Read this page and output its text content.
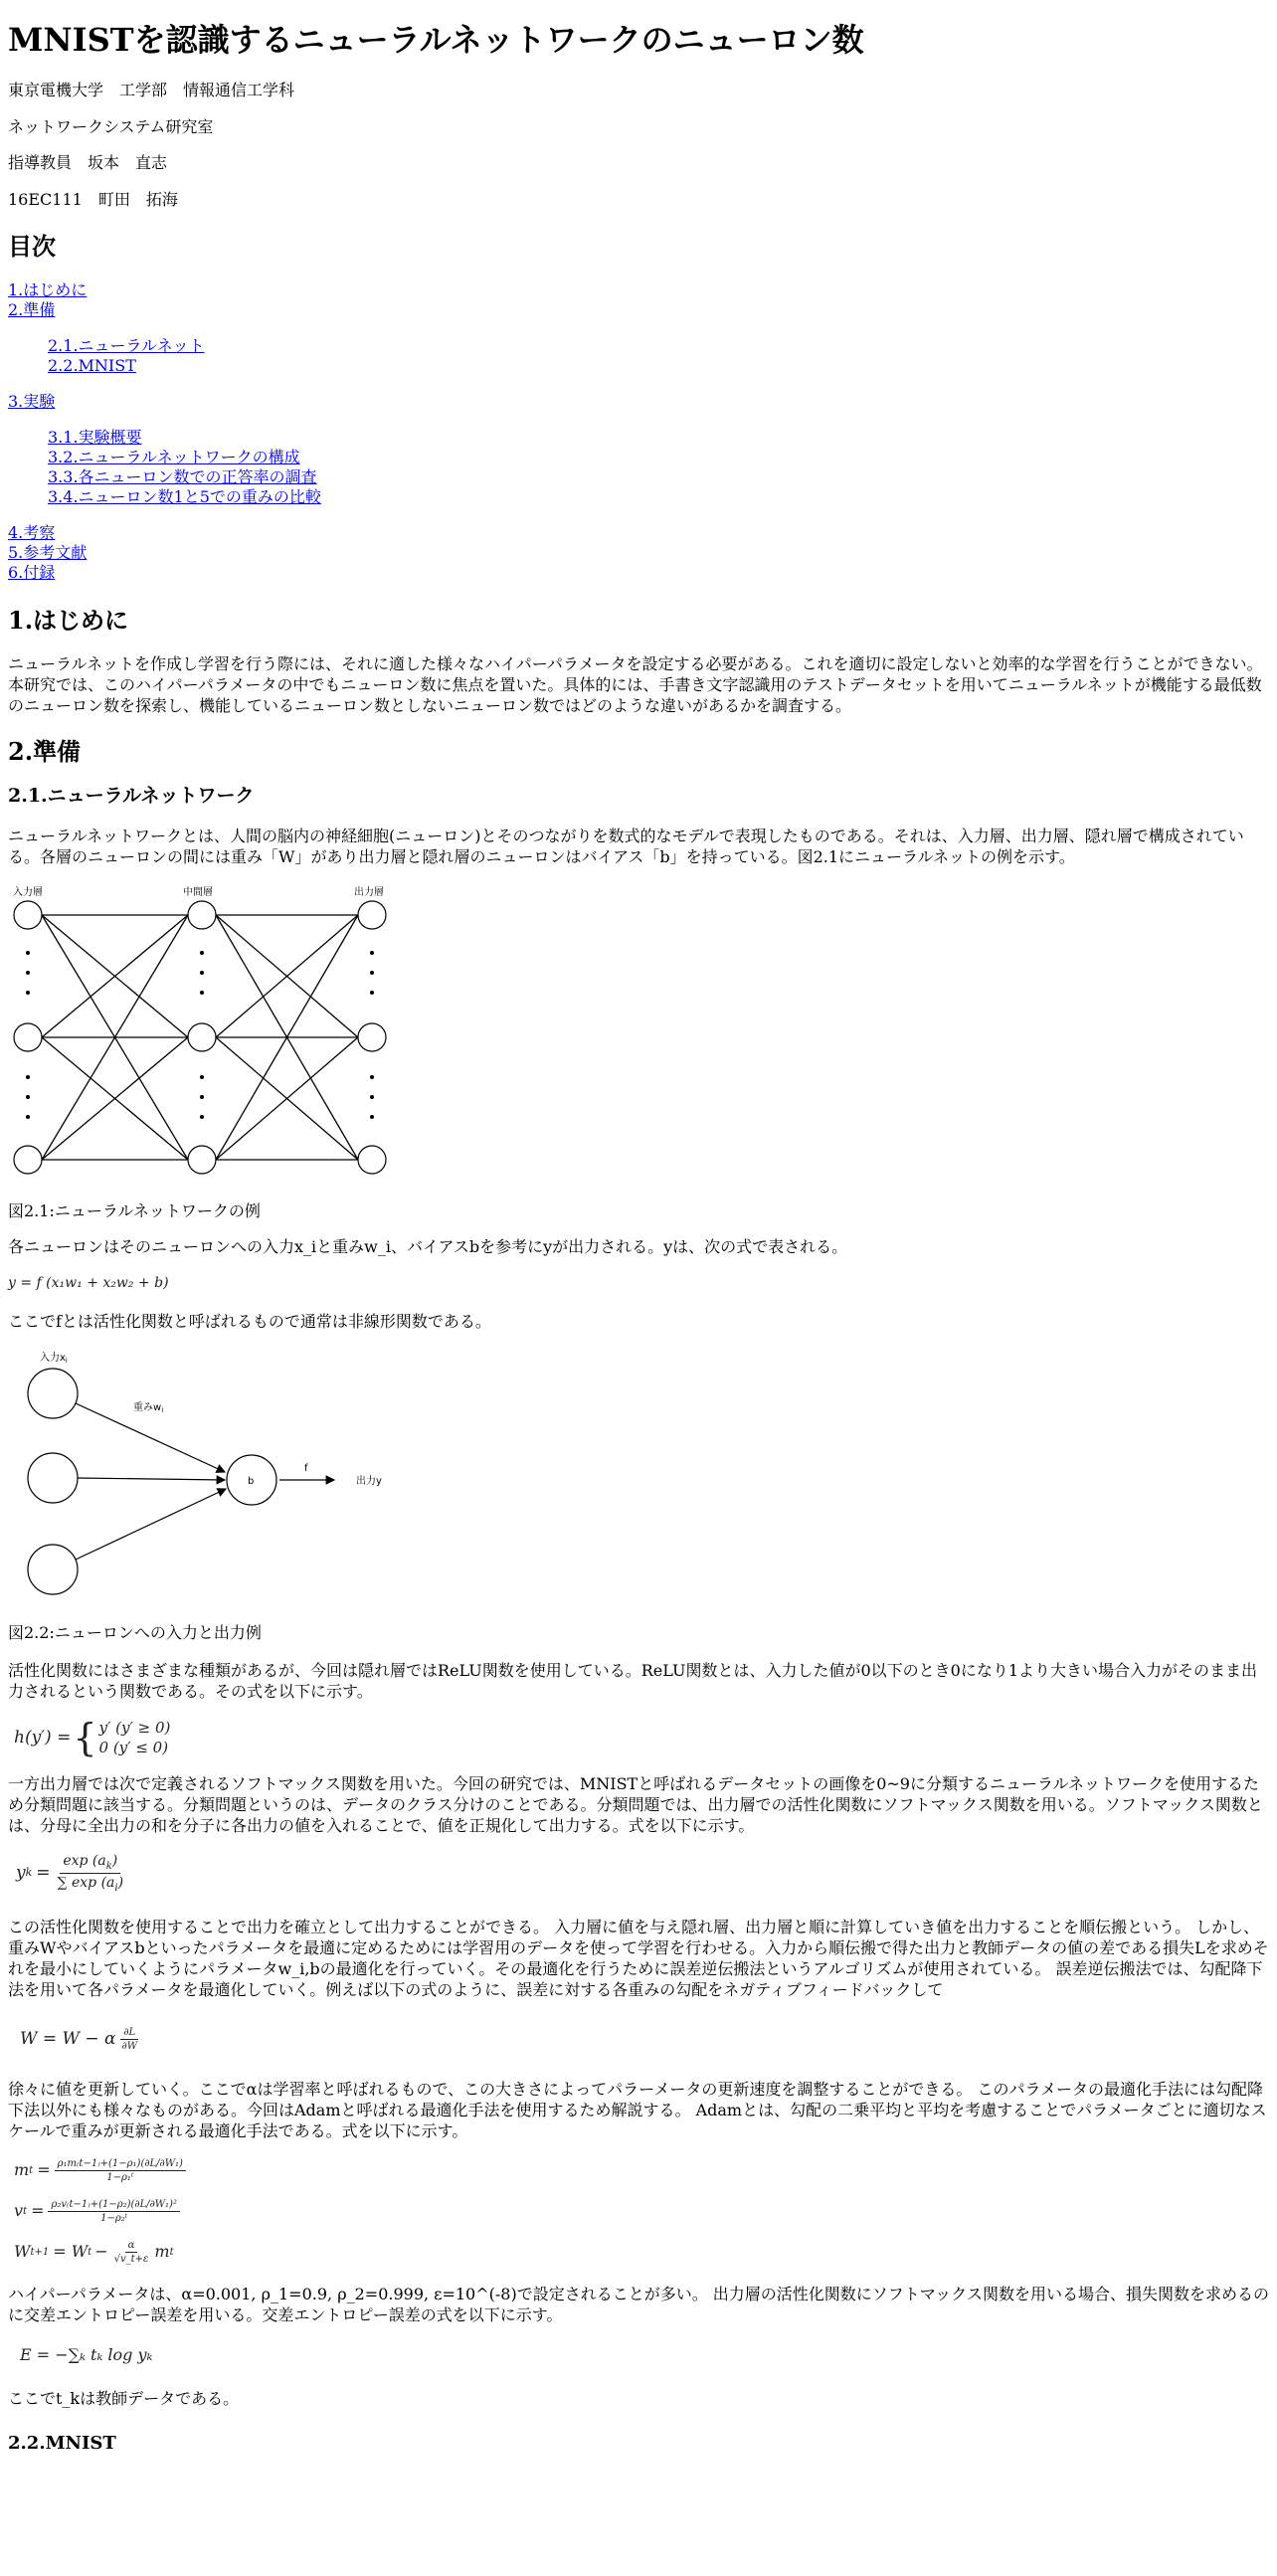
MNISTを認識するニューラルネットワークのニューロン数

東京電機大学　工学部　情報通信工学科

ネットワークシステム研究室

指導教員　坂本　直志

16EC111　町田　拓海

目次
1.はじめに
2.準備
2.1.ニューラルネット
2.2.MNIST
3.実験
3.1.実験概要
3.2.ニューラルネットワークの構成
3.3.各ニューロン数での正答率の調査
3.4.ニューロン数1と5での重みの比較
4.考察
5.参考文献
6.付録
1.はじめに

ニューラルネットを作成し学習を行う際には、それに適した様々なハイパーパラメータを設定する必要がある。これを適切に設定しないと効率的な学習を行うことができない。本研究では、このハイパーパラメータの中でもニューロン数に焦点を置いた。具体的には、手書き文字認識用のテストデータセットを用いてニューラルネットが機能する最低数のニューロン数を探索し、機能しているニューロン数としないニューロン数ではどのような違いがあるかを調査する。

2.準備
2.1.ニューラルネットワーク

ニューラルネットワークとは、人間の脳内の神経細胞(ニューロン)とそのつながりを数式的なモデルで表現したものである。それは、入力層、出力層、隠れ層で構成されている。各層のニューロンの間には重み「W」があり出力層と隠れ層のニューロンはバイアス「b」を持っている。図2.1にニューラルネットの例を示す。

入力層	中間層	出力層

図2.1:ニューラルネットワークの例

各ニューロンはそのニューロンへの入力x_iと重みw_i、バイアスbを参考にyが出力される。yは、次の式で表される。

y = f (x₁w₁ + x₂w₂ + b)

ここでfとは活性化関数と呼ばれるもので通常は非線形関数である。

入力$x_i$
b
重み$w_i$
f
出力y

図2.2:ニューロンへの入力と出力例

活性化関数にはさまざまな種類があるが、今回は隠れ層ではReLU関数を使用している。ReLU関数とは、入力した値が0以下のとき0になり1より大きい場合入力がそのまま出力されるという関数である。その式を以下に示す。

h(y′) = { y′ (y′ ≥ 0)
0 (y′ ≤ 0)

一方出力層では次で定義されるソフトマックス関数を用いた。今回の研究では、MNISTと呼ばれるデータセットの画像を0~9に分類するニューラルネットワークを使用するため分類問題に該当する。分類問題というのは、データのクラス分けのことである。分類問題では、出力層での活性化関数にソフトマックス関数を用いる。ソフトマックス関数とは、分母に全出力の和を分子に各出力の値を入れることで、値を正規化して出力する。式を以下に示す。

y $k = \frac{\exp (a_k)}{\sum \exp (a_i)}$

この活性化関数を使用することで出力を確立として出力することができる。 入力層に値を与え隠れ層、出力層と順に計算していき値を出力することを順伝搬という。 しかし、重みWやバイアスbといったパラメータを最適に定めるためには学習用のデータを使って学習を行わせる。入力から順伝搬で得た出力と教師データの値の差である損失Lを求めそれを最小にしていくようにパラメータw_i,bの最適化を行っていく。その最適化を行うために誤差逆伝搬法というアルゴリズムが使用されている。 誤差逆伝搬法では、勾配降下法を用いて各パラメータを最適化していく。例えば以下の式のように、誤差に対する各重みの勾配をネガティブフィードバックして

W = W − α $\frac{\partial L}{\partial W}$

徐々に値を更新していく。ここでαは学習率と呼ばれるもので、この大きさによってパラーメータの更新速度を調整することができる。 このパラメータの最適化手法には勾配降下法以外にも様々なものがある。今回はAdamと呼ばれる最適化手法を使用するため解説する。 Adamとは、勾配の二乗平均と平均を考慮することでパラメータごとに適切なスケールで重みが更新される最適化手法である。式を以下に示す。

m $t = \frac{\text{ρ₁m₍t−1₎+(1−ρ₁)(∂L/∂W₁)}}{\text{1−ρ₁ᵗ}}$
v $t = \frac{\text{ρ₂v₍t−1₎+(1−ρ₂)(∂L/∂W₁)²}}{\text{1−ρ₂ᵗ}}$
W t+1 = W $t - \frac{\alpha}{√v\_t+\varepsilon}$ m t

ハイパーパラメータは、α=0.001, ρ_1=0.9, ρ_2=0.999, ε=10^(-8)で設定されることが多い。 出力層の活性化関数にソフトマックス関数を用いる場合、損失関数を求めるのに交差エントロピー誤差を用いる。交差エントロピー誤差の式を以下に示す。

E = −∑ₖ tₖ log yₖ

ここでt_kは教師データである。

2.2.MNIST
